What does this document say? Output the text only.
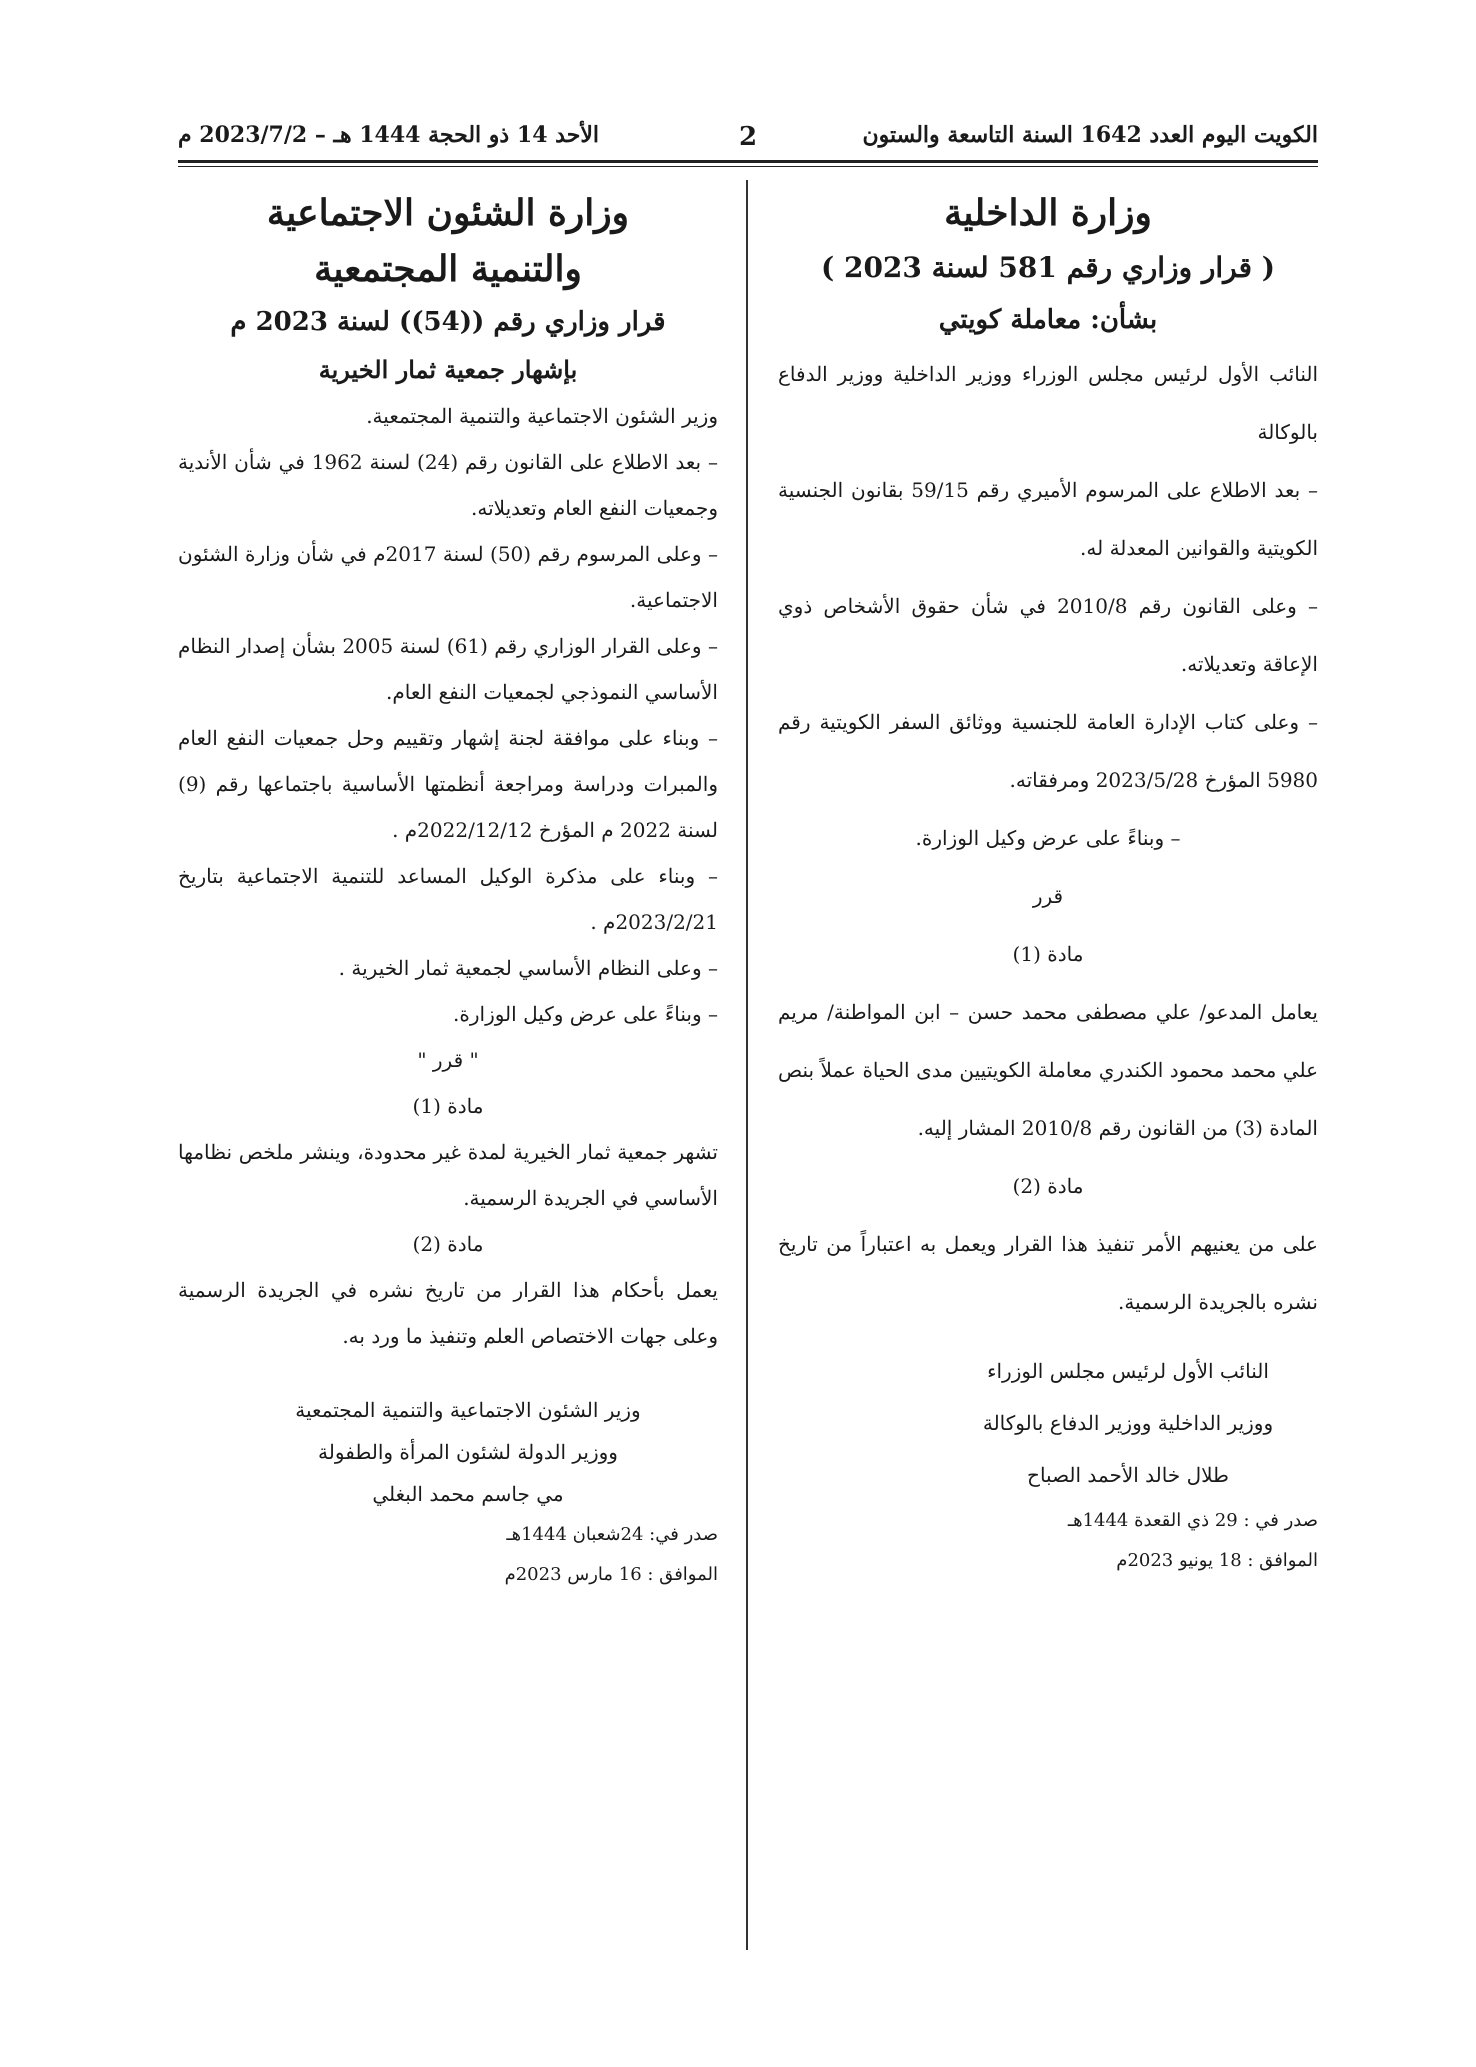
الكويت اليوم العدد 1642 السنة التاسعة والستون
2
الأحد 14 ذو الحجة 1444 هـ – 2023/7/2 م

وزارة الداخلية

( قرار وزاري رقم 581 لسنة 2023 )

بشأن: معاملة كويتي

النائب الأول لرئيس مجلس الوزراء ووزير الداخلية ووزير الدفاع بالوكالة

– بعد الاطلاع على المرسوم الأميري رقم 59/15 بقانون الجنسية الكويتية والقوانين المعدلة له.

– وعلى القانون رقم 2010/8 في شأن حقوق الأشخاص ذوي الإعاقة وتعديلاته.

– وعلى كتاب الإدارة العامة للجنسية ووثائق السفر الكويتية رقم 5980 المؤرخ 2023/5/28 ومرفقاته.

– وبناءً على عرض وكيل الوزارة.

قرر

مادة (1)

يعامل المدعو/ علي مصطفى محمد حسن – ابن المواطنة/ مريم علي محمد محمود الكندري معاملة الكويتيين مدى الحياة عملاً بنص المادة (3) من القانون رقم 2010/8 المشار إليه.

مادة (2)

على من يعنيهم الأمر تنفيذ هذا القرار ويعمل به اعتباراً من تاريخ نشره بالجريدة الرسمية.

النائب الأول لرئيس مجلس الوزراء

ووزير الداخلية ووزير الدفاع بالوكالة

طلال خالد الأحمد الصباح

صدر في : 29 ذي القعدة 1444هـ

الموافق : 18 يونيو 2023م

وزارة الشئون الاجتماعية

والتنمية المجتمعية

قرار وزاري رقم ((54)) لسنة 2023 م

بإشهار جمعية ثمار الخيرية

وزير الشئون الاجتماعية والتنمية المجتمعية.

– بعد الاطلاع على القانون رقم (24) لسنة 1962 في شأن الأندية وجمعيات النفع العام وتعديلاته.

– وعلى المرسوم رقم (50) لسنة 2017م في شأن وزارة الشئون الاجتماعية.

– وعلى القرار الوزاري رقم (61) لسنة 2005 بشأن إصدار النظام الأساسي النموذجي لجمعيات النفع العام.

– وبناء على موافقة لجنة إشهار وتقييم وحل جمعيات النفع العام والمبرات ودراسة ومراجعة أنظمتها الأساسية باجتماعها رقم (9) لسنة 2022 م المؤرخ 2022/12/12م .

– وبناء على مذكرة الوكيل المساعد للتنمية الاجتماعية بتاريخ 2023/2/21م .

– وعلى النظام الأساسي لجمعية ثمار الخيرية .

– وبناءً على عرض وكيل الوزارة.

" قرر "

مادة (1)

تشهر جمعية ثمار الخيرية لمدة غير محدودة، وينشر ملخص نظامها الأساسي في الجريدة الرسمية.

مادة (2)

يعمل بأحكام هذا القرار من تاريخ نشره في الجريدة الرسمية وعلى جهات الاختصاص العلم وتنفيذ ما ورد به.

وزير الشئون الاجتماعية والتنمية المجتمعية

ووزير الدولة لشئون المرأة والطفولة

مي جاسم محمد البغلي

صدر في: 24شعبان 1444هـ

الموافق : 16 مارس 2023م
